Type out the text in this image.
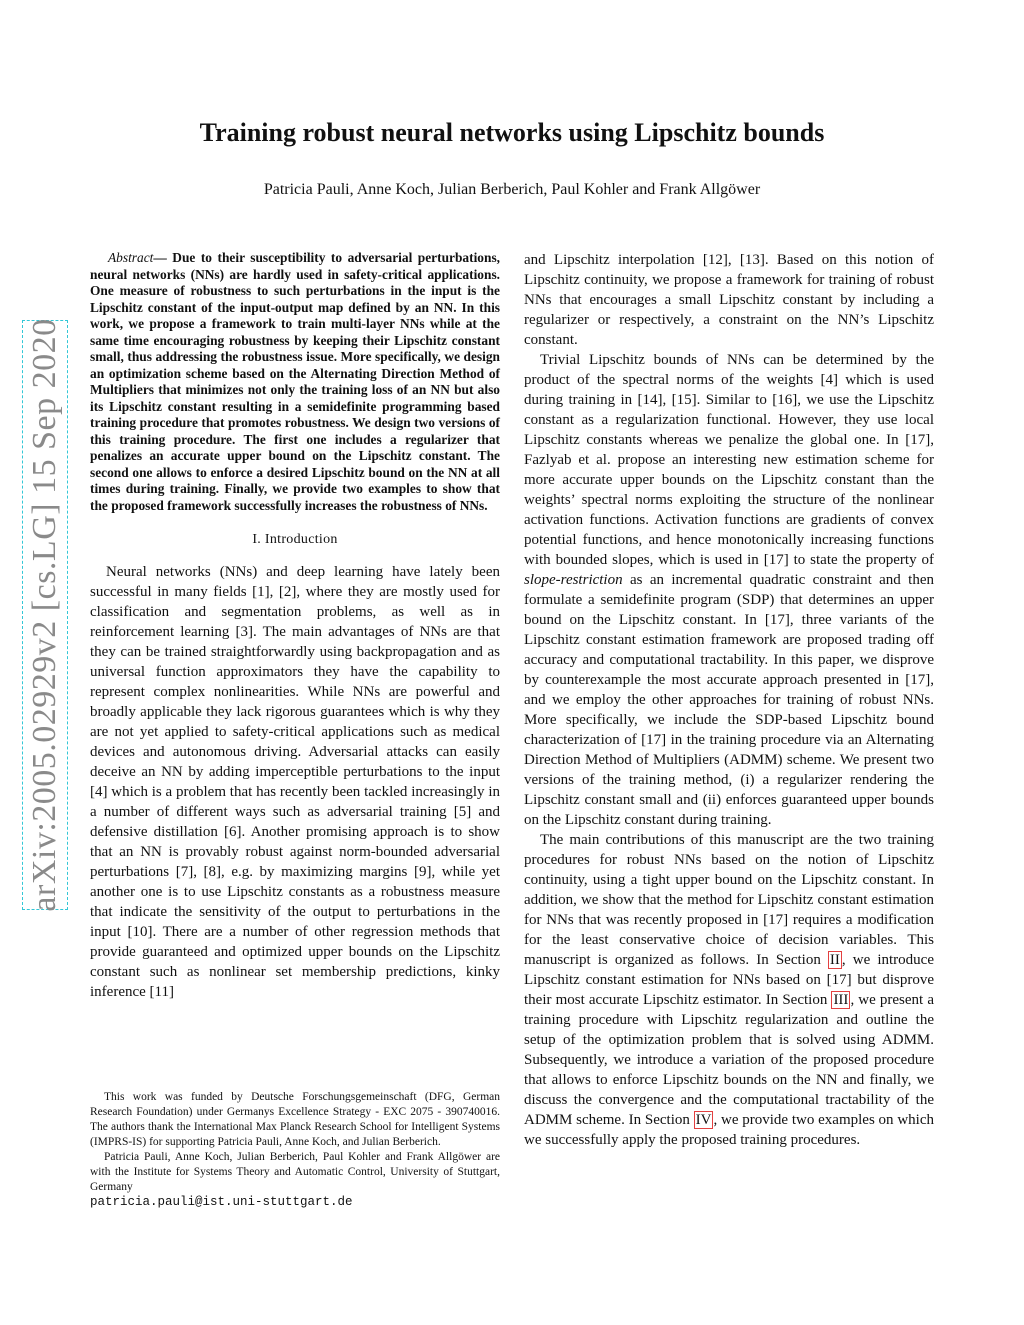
arXiv:2005.02929v2 [cs.LG] 15 Sep 2020
Training robust neural networks using Lipschitz bounds
Patricia Pauli, Anne Koch, Julian Berberich, Paul Kohler and Frank Allgöwer

Abstract— Due to their susceptibility to adversarial perturbations, neural networks (NNs) are hardly used in safety-critical applications. One measure of robustness to such perturbations in the input is the Lipschitz constant of the input-output map defined by an NN. In this work, we propose a framework to train multi-layer NNs while at the same time encouraging robustness by keeping their Lipschitz constant small, thus addressing the robustness issue. More specifically, we design an optimization scheme based on the Alternating Direction Method of Multipliers that minimizes not only the training loss of an NN but also its Lipschitz constant resulting in a semidefinite programming based training procedure that promotes robustness. We design two versions of this training procedure. The first one includes a regularizer that penalizes an accurate upper bound on the Lipschitz constant. The second one allows to enforce a desired Lipschitz bound on the NN at all times during training. Finally, we provide two examples to show that the proposed framework successfully increases the robustness of NNs.

I. Introduction

Neural networks (NNs) and deep learning have lately been successful in many fields [1], [2], where they are mostly used for classification and segmentation problems, as well as in reinforcement learning [3]. The main advantages of NNs are that they can be trained straightforwardly using backpropagation and as universal function approximators they have the capability to represent complex nonlinearities. While NNs are powerful and broadly applicable they lack rigorous guarantees which is why they are not yet applied to safety-critical applications such as medical devices and autonomous driving. Adversarial attacks can easily deceive an NN by adding imperceptible perturbations to the input [4] which is a problem that has recently been tackled increasingly in a number of different ways such as adversarial training [5] and defensive distillation [6]. Another promising approach is to show that an NN is provably robust against norm-bounded adversarial perturbations [7], [8], e.g. by maximizing margins [9], while yet another one is to use Lipschitz constants as a robustness measure that indicate the sensitivity of the output to perturbations in the input [10]. There are a number of other regression methods that provide guaranteed and optimized upper bounds on the Lipschitz constant such as nonlinear set membership predictions, kinky inference [11]

and Lipschitz interpolation [12], [13]. Based on this notion of Lipschitz continuity, we propose a framework for training of robust NNs that encourages a small Lipschitz constant by including a regularizer or respectively, a constraint on the NN’s Lipschitz constant.

Trivial Lipschitz bounds of NNs can be determined by the product of the spectral norms of the weights [4] which is used during training in [14], [15]. Similar to [16], we use the Lipschitz constant as a regularization functional. However, they use local Lipschitz constants whereas we penalize the global one. In [17], Fazlyab et al. propose an interesting new estimation scheme for more accurate upper bounds on the Lipschitz constant than the weights’ spectral norms exploiting the structure of the nonlinear activation functions. Activation functions are gradients of convex potential functions, and hence monotonically increasing functions with bounded slopes, which is used in [17] to state the property of slope-restriction as an incremental quadratic constraint and then formulate a semidefinite program (SDP) that determines an upper bound on the Lipschitz constant. In [17], three variants of the Lipschitz constant estimation framework are proposed trading off accuracy and computational tractability. In this paper, we disprove by counterexample the most accurate approach presented in [17], and we employ the other approaches for training of robust NNs. More specifically, we include the SDP-based Lipschitz bound characterization of [17] in the training procedure via an Alternating Direction Method of Multipliers (ADMM) scheme. We present two versions of the training method, (i) a regularizer rendering the Lipschitz constant small and (ii) enforces guaranteed upper bounds on the Lipschitz constant during training.

The main contributions of this manuscript are the two training procedures for robust NNs based on the notion of Lipschitz continuity, using a tight upper bound on the Lipschitz constant. In addition, we show that the method for Lipschitz constant estimation for NNs that was recently proposed in [17] requires a modification for the least conservative choice of decision variables. This manuscript is organized as follows. In Section II , we introduce Lipschitz constant estimation for NNs based on [17] but disprove their most accurate Lipschitz estimator. In Section III , we present a training procedure with Lipschitz regularization and outline the setup of the optimization problem that is solved using ADMM. Subsequently, we introduce a variation of the proposed procedure that allows to enforce Lipschitz bounds on the NN and finally, we discuss the convergence and the computational tractability of the ADMM scheme. In Section IV , we provide two examples on which we successfully apply the proposed training procedures.

This work was funded by Deutsche Forschungsgemeinschaft (DFG, German Research Foundation) under Germanys Excellence Strategy - EXC 2075 - 390740016. The authors thank the International Max Planck Research School for Intelligent Systems (IMPRS-IS) for supporting Patricia Pauli, Anne Koch, and Julian Berberich.

Patricia Pauli, Anne Koch, Julian Berberich, Paul Kohler and Frank Allgöwer are with the Institute for Systems Theory and Automatic Control, University of Stuttgart, Germany

patricia.pauli@ist.uni-stuttgart.de
